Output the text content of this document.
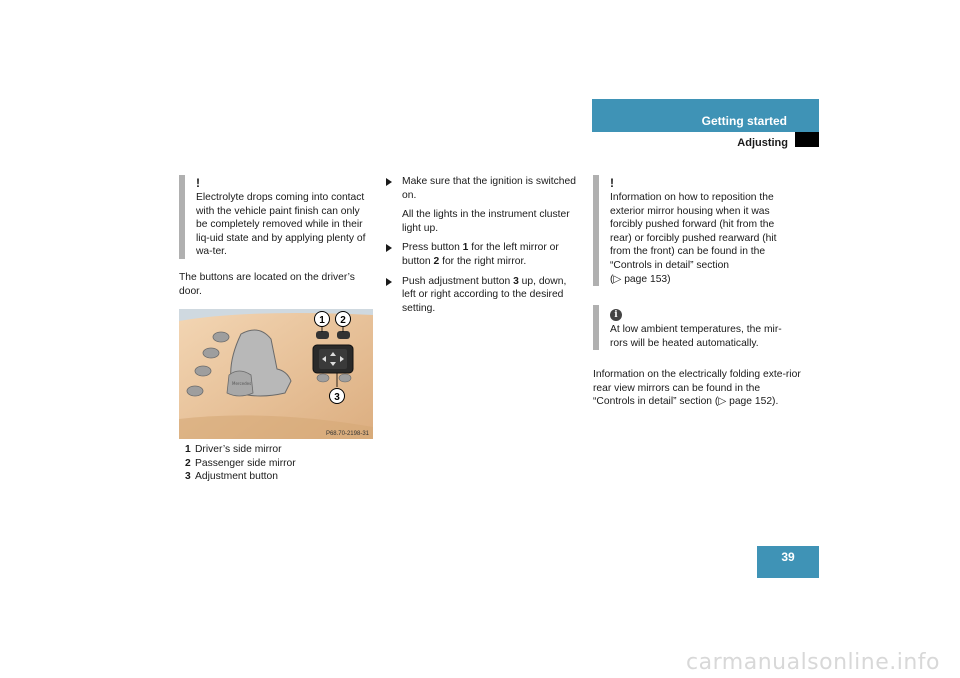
Getting started
Adjusting
!
Electrolyte drops coming into contact with the vehicle paint finish can only be completely removed while in their liq-uid state and by applying plenty of wa-ter.
The buttons are located on the driver’s door.
Mercedes
1 2
3
P68.70-2198-31
1 Driver’s side mirror
2 Passenger side mirror
3 Adjustment button
Make sure that the ignition is switched on.
All the lights in the instrument cluster light up.
Press button 1 for the left mirror or button 2 for the right mirror.
Push adjustment button 3 up, down, left or right according to the desired setting.
!
Information on how to reposition the exterior mirror housing when it was forcibly pushed forward (hit from the rear) or forcibly pushed rearward (hit from the front) can be found in the “Controls in detail” section
(▷ page 153)
i
At low ambient temperatures, the mir-rors will be heated automatically.
Information on the electrically folding exte-rior rear view mirrors can be found in the “Controls in detail” section (▷ page 152).
39
carmanualsonline.info
